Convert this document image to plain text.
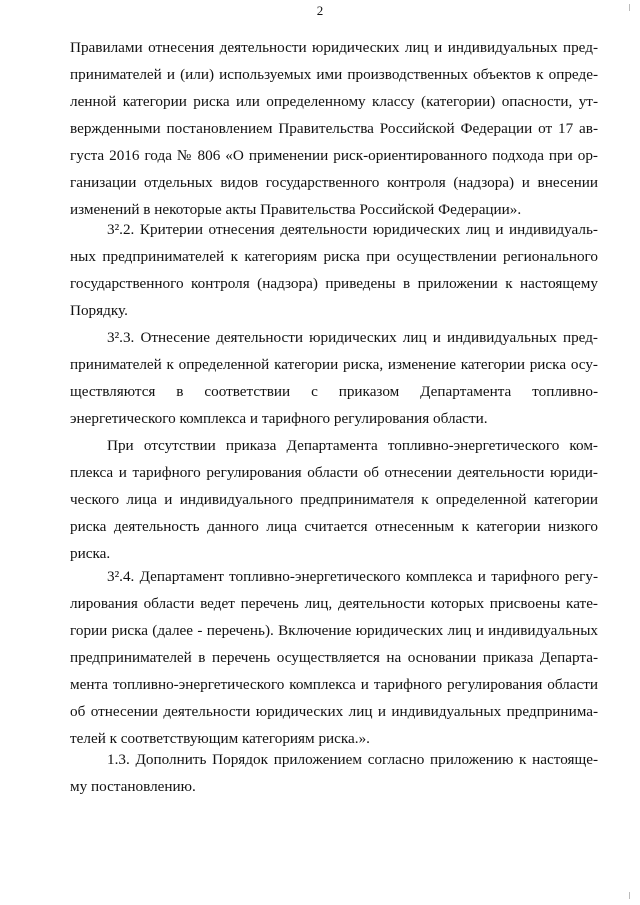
2
Правилами отнесения деятельности юридических лиц и индивидуальных пред-
принимателей и (или) используемых ими производственных объектов к опреде-
ленной категории риска или определенному классу (категории) опасности, ут-
вержденными постановлением Правительства Российской Федерации от 17 ав-
густа 2016 года № 806 «О применении риск-ориентированного подхода при ор-
ганизации отдельных видов государственного контроля (надзора) и внесении
изменений в некоторые акты Правительства Российской Федерации».
3².2. Критерии отнесения деятельности юридических лиц и индивидуаль-
ных предпринимателей к категориям риска при осуществлении регионального
государственного контроля (надзора) приведены в приложении к настоящему
Порядку.
3².3. Отнесение деятельности юридических лиц и индивидуальных пред-
принимателей к определенной категории риска, изменение категории риска осу-
ществляются в соответствии с приказом Департамента топливно-
энергетического комплекса и тарифного регулирования области.
При отсутствии приказа Департамента топливно-энергетического ком-
плекса и тарифного регулирования области об отнесении деятельности юриди-
ческого лица и индивидуального предпринимателя к определенной категории
риска деятельность данного лица считается отнесенным к категории низкого
риска.
3².4. Департамент топливно-энергетического комплекса и тарифного регу-
лирования области ведет перечень лиц, деятельности которых присвоены кате-
гории риска (далее - перечень). Включение юридических лиц и индивидуальных
предпринимателей в перечень осуществляется на основании приказа Департа-
мента топливно-энергетического комплекса и тарифного регулирования области
об отнесении деятельности юридических лиц и индивидуальных предпринима-
телей к соответствующим категориям риска.».
1.3. Дополнить Порядок приложением согласно приложению к настояще-
му постановлению.
